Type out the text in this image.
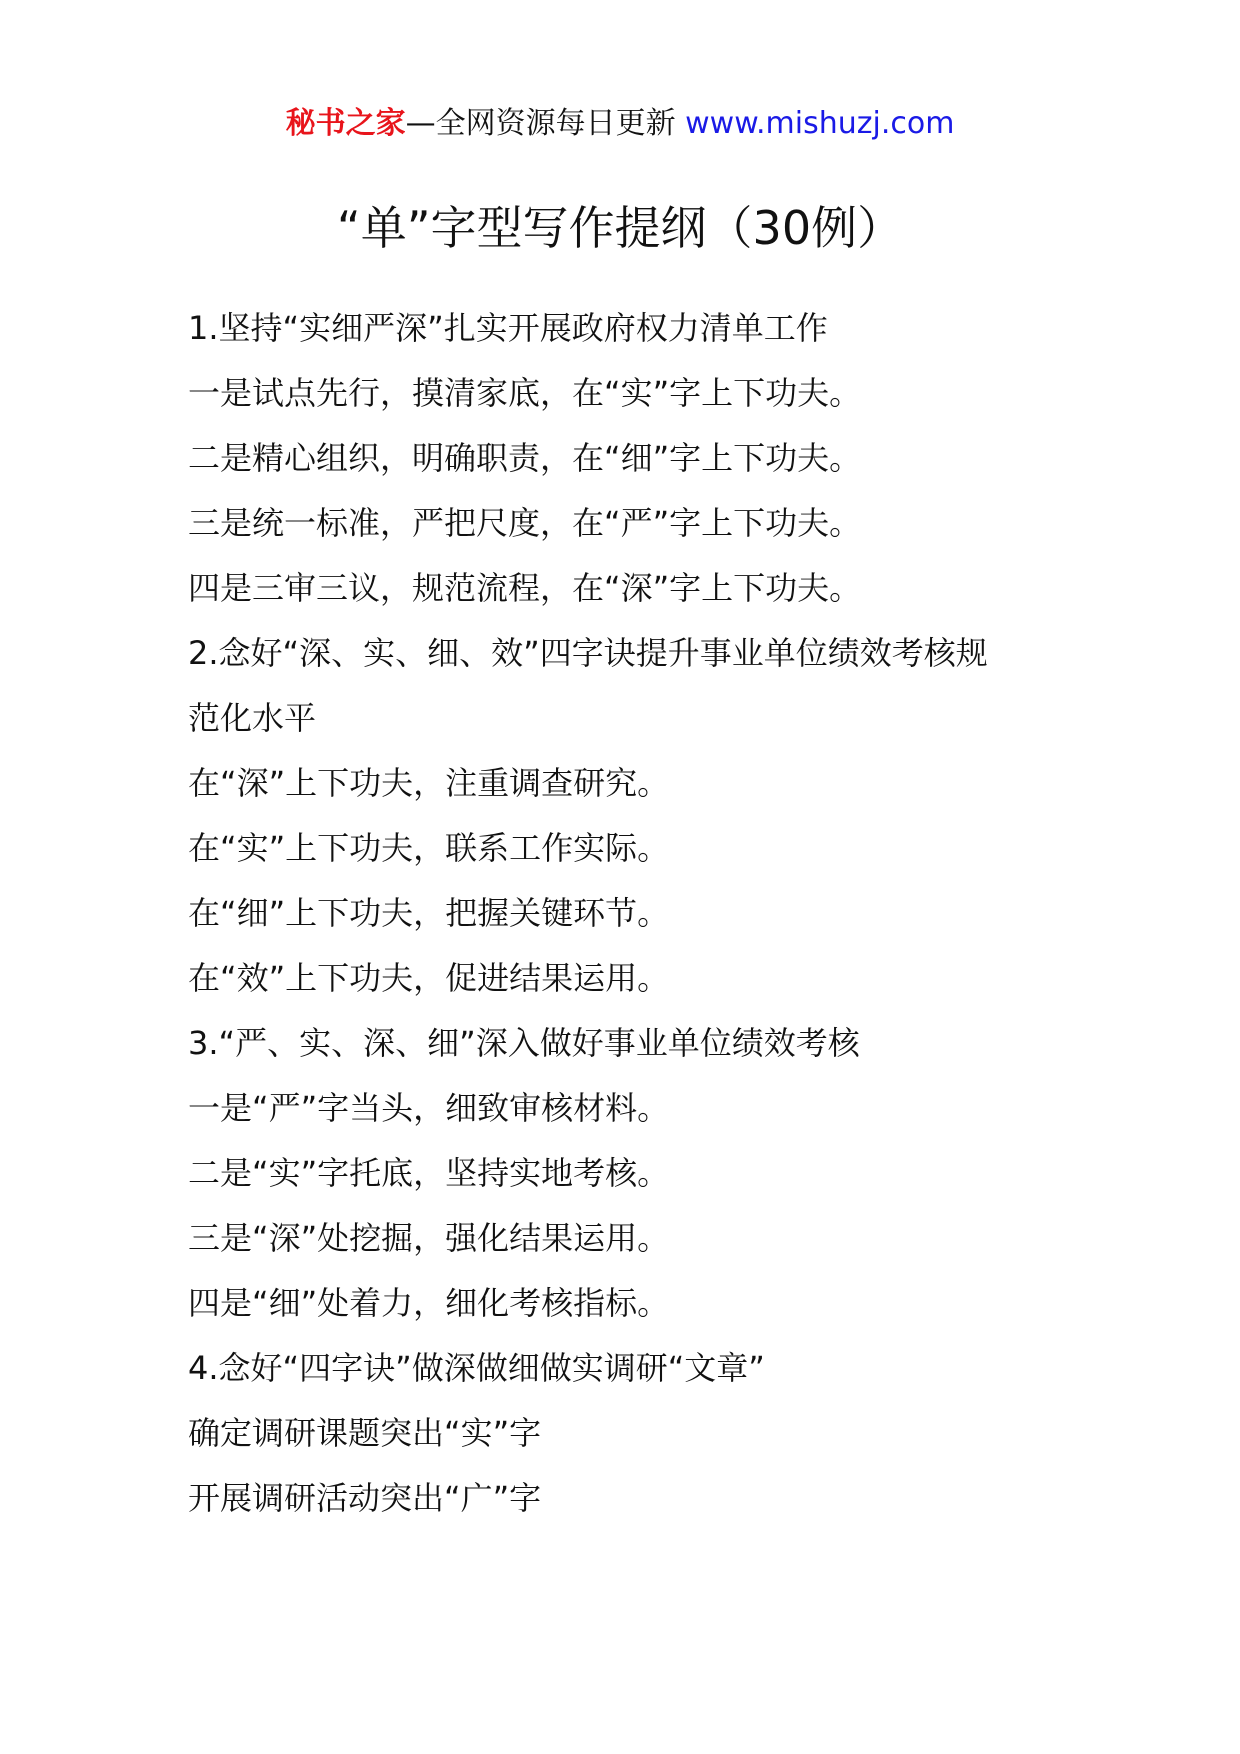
秘书之家—全网资源每日更新 www.mishuzj.com
“单”字型写作提纲（30例）
1.坚持“实细严深”扎实开展政府权力清单工作
一是试点先行，摸清家底，在“实”字上下功夫。
二是精心组织，明确职责，在“细”字上下功夫。
三是统一标准，严把尺度，在“严”字上下功夫。
四是三审三议，规范流程，在“深”字上下功夫。
2.念好“深、实、细、效”四字诀提升事业单位绩效考核规
范化水平
在“深”上下功夫，注重调查研究。
在“实”上下功夫，联系工作实际。
在“细”上下功夫，把握关键环节。
在“效”上下功夫，促进结果运用。
3.“严、实、深、细”深入做好事业单位绩效考核
一是“严”字当头，细致审核材料。
二是“实”字托底，坚持实地考核。
三是“深”处挖掘，强化结果运用。
四是“细”处着力，细化考核指标。
4.念好“四字诀”做深做细做实调研“文章”
确定调研课题突出“实”字
开展调研活动突出“广”字
